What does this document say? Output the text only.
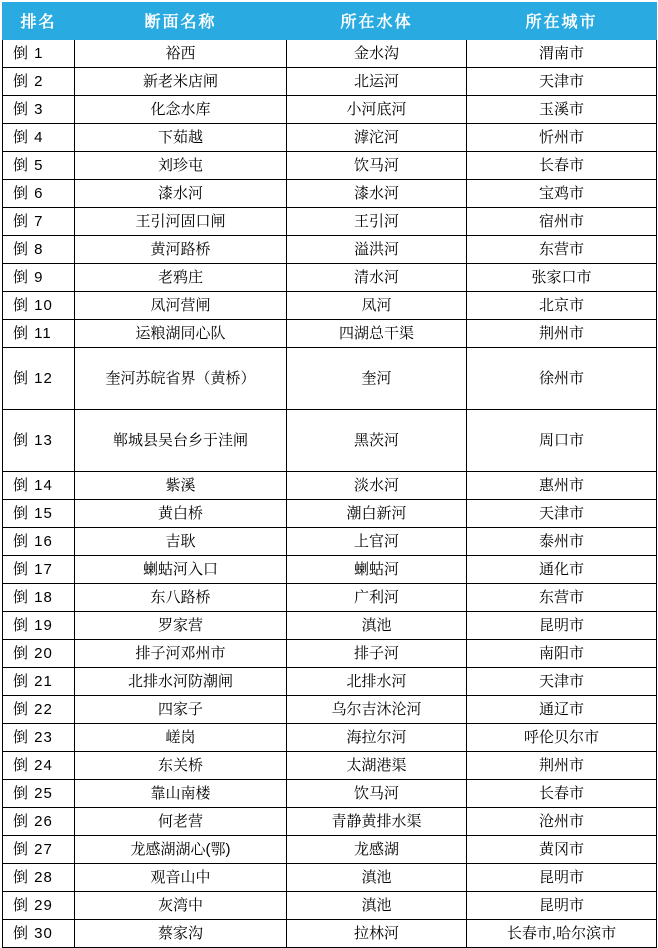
排名	断面名称	所在水体	所在城市
倒 1	裕西	金水沟	渭南市
倒 2	新老米店闸	北运河	天津市
倒 3	化念水库	小河底河	玉溪市
倒 4	下茹越	滹沱河	忻州市
倒 5	刘珍屯	饮马河	长春市
倒 6	漆水河	漆水河	宝鸡市
倒 7	王引河固口闸	王引河	宿州市
倒 8	黄河路桥	溢洪河	东营市
倒 9	老鸦庄	清水河	张家口市
倒 10	凤河营闸	凤河	北京市
倒 11	运粮湖同心队	四湖总干渠	荆州市
倒 12	奎河苏皖省界（黄桥）	奎河	徐州市
倒 13	郸城县吴台乡于洼闸	黑茨河	周口市
倒 14	紫溪	淡水河	惠州市
倒 15	黄白桥	潮白新河	天津市
倒 16	吉耿	上官河	泰州市
倒 17	蝲蛄河入口	蝲蛄河	通化市
倒 18	东八路桥	广利河	东营市
倒 19	罗家营	滇池	昆明市
倒 20	排子河邓州市	排子河	南阳市
倒 21	北排水河防潮闸	北排水河	天津市
倒 22	四家子	乌尔吉沐沦河	通辽市
倒 23	嵯岗	海拉尔河	呼伦贝尔市
倒 24	东关桥	太湖港渠	荆州市
倒 25	靠山南楼	饮马河	长春市
倒 26	何老营	青静黄排水渠	沧州市
倒 27	龙感湖湖心(鄂)	龙感湖	黄冈市
倒 28	观音山中	滇池	昆明市
倒 29	灰湾中	滇池	昆明市
倒 30	蔡家沟	拉林河	长春市,哈尔滨市
